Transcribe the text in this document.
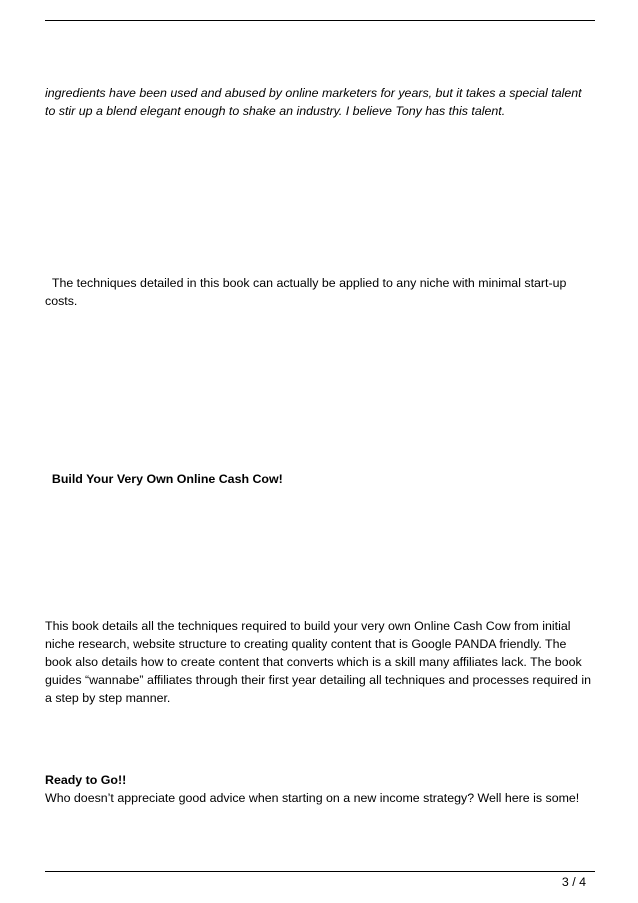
ingredients have been used and abused by online marketers for years, but it takes a special talent to stir up a blend elegant enough to shake an industry. I believe Tony has this talent.

The techniques detailed in this book can actually be applied to any niche with minimal start-up costs.

Build Your Very Own Online Cash Cow!

This book details all the techniques required to build your very own Online Cash Cow from initial niche research, website structure to creating quality content that is Google PANDA friendly. The book also details how to create content that converts which is a skill many affiliates lack. The book guides “wannabe” affiliates through their first year detailing all techniques and processes required in a step by step manner.

Ready to Go!!

Who doesn’t appreciate good advice when starting on a new income strategy? Well here is some!

3 / 4
